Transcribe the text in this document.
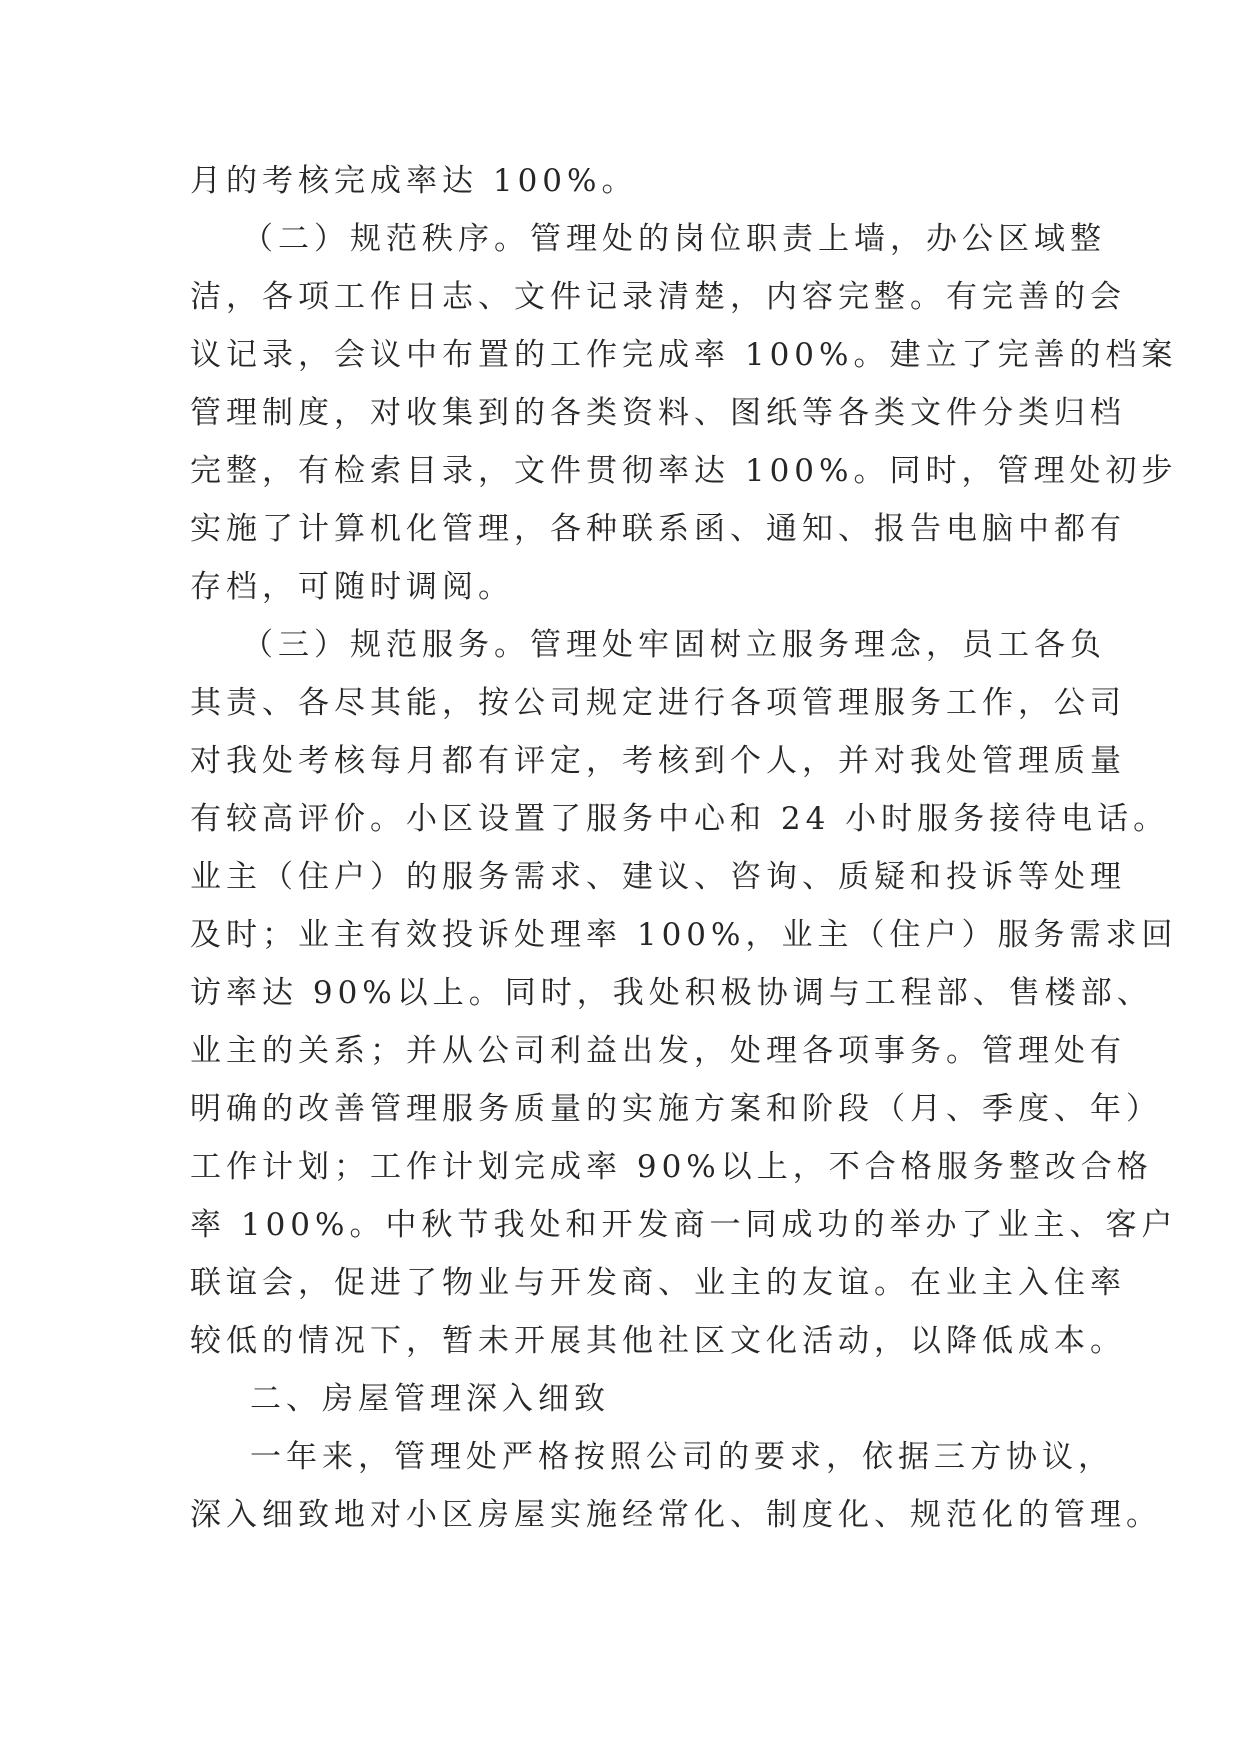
月的考核完成率达 100%。
（二）规范秩序。管理处的岗位职责上墙，办公区域整
洁，各项工作日志、文件记录清楚，内容完整。有完善的会
议记录，会议中布置的工作完成率 100%。建立了完善的档案
管理制度，对收集到的各类资料、图纸等各类文件分类归档
完整，有检索目录，文件贯彻率达 100%。同时，管理处初步
实施了计算机化管理，各种联系函、通知、报告电脑中都有
存档，可随时调阅。
（三）规范服务。管理处牢固树立服务理念，员工各负
其责、各尽其能，按公司规定进行各项管理服务工作，公司
对我处考核每月都有评定，考核到个人，并对我处管理质量
有较高评价。小区设置了服务中心和 24 小时服务接待电话。
业主（住户）的服务需求、建议、咨询、质疑和投诉等处理
及时；业主有效投诉处理率 100%，业主（住户）服务需求回
访率达 90%以上。同时，我处积极协调与工程部、售楼部、
业主的关系；并从公司利益出发，处理各项事务。管理处有
明确的改善管理服务质量的实施方案和阶段（月、季度、年）
工作计划；工作计划完成率 90%以上，不合格服务整改合格
率 100%。中秋节我处和开发商一同成功的举办了业主、客户
联谊会，促进了物业与开发商、业主的友谊。在业主入住率
较低的情况下，暂未开展其他社区文化活动，以降低成本。
二、房屋管理深入细致
一年来，管理处严格按照公司的要求，依据三方协议，
深入细致地对小区房屋实施经常化、制度化、规范化的管理。
